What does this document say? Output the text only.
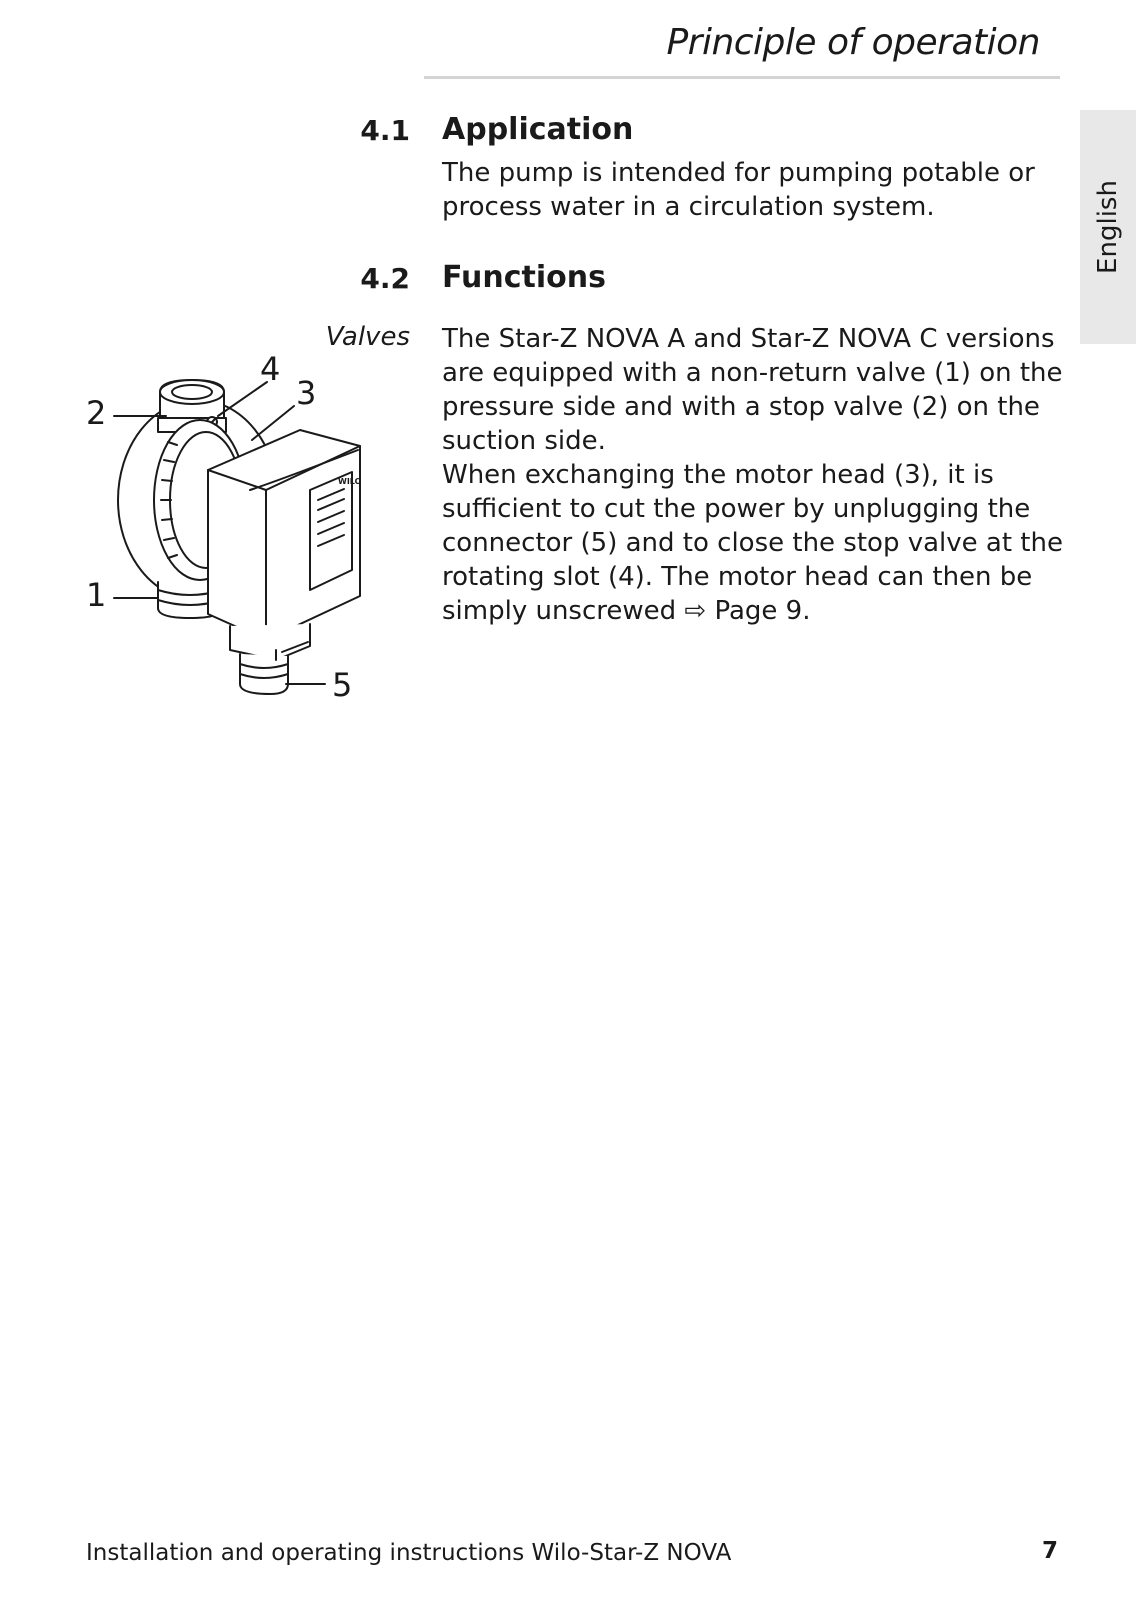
Principle of operation
English
4.1 Application

The pump is intended for pumping potable or process water in a circulation system.

4.2 Functions

Valves The Star-Z NOVA A and Star-Z NOVA C versions are equipped with a non-return valve (1) on the pressure side and with a stop valve (2) on the suction side.

When exchanging the motor head (3), it is sufficient to cut the power by unplugging the connector (5) and to close the stop valve at the rotating slot (4). The motor head can then be simply unscrewed ⇨ Page 9.

WILO
1
2
3
4
5

Installation and operating instructions Wilo-Star-Z NOVA	7
